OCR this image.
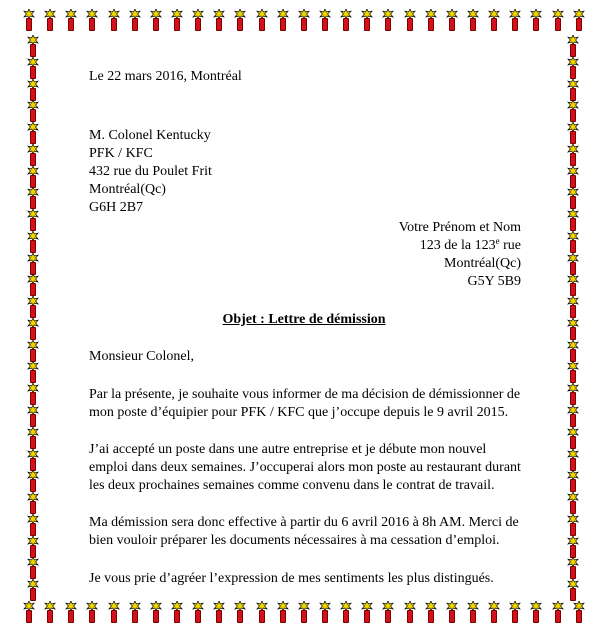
Le 22 mars 2016, Montréal
M. Colonel Kentucky
PFK / KFC
432 rue du Poulet Frit
Montréal(Qc)
G6H 2B7
Votre Prénom et Nom
123 de la 123e rue
Montréal(Qc)
G5Y 5B9
Objet : Lettre de démission
Monsieur Colonel,
Par la présente, je souhaite vous informer de ma décision de démissionner de
mon poste d’équipier pour PFK / KFC que j’occupe depuis le 9 avril 2015.
J’ai accepté un poste dans une autre entreprise et je débute mon nouvel
emploi dans deux semaines. J’occuperai alors mon poste au restaurant durant
les deux prochaines semaines comme convenu dans le contrat de travail.
Ma démission sera donc effective à partir du 6 avril 2016 à 8h AM. Merci de
bien vouloir préparer les documents nécessaires à ma cessation d’emploi.
Je vous prie d’agréer l’expression de mes sentiments les plus distingués.
